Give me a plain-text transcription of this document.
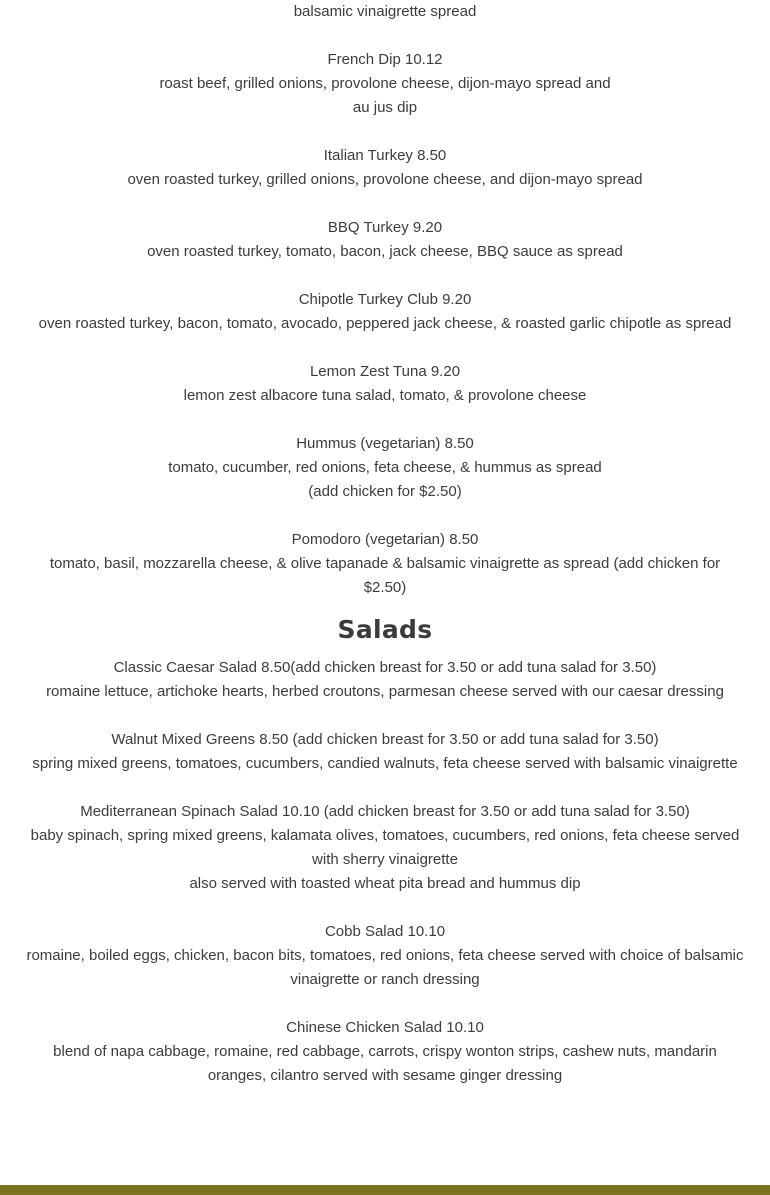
balsamic vinaigrette spread

French Dip 10.12

roast beef, grilled onions, provolone cheese, dijon-mayo spread and

au jus dip

Italian Turkey 8.50

oven roasted turkey, grilled onions, provolone cheese, and dijon-mayo spread

BBQ Turkey 9.20

oven roasted turkey, tomato, bacon, jack cheese, BBQ sauce as spread

Chipotle Turkey Club 9.20

oven roasted turkey, bacon, tomato, avocado, peppered jack cheese, & roasted garlic chipotle as spread

Lemon Zest Tuna 9.20

lemon zest albacore tuna salad, tomato, & provolone cheese

Hummus (vegetarian) 8.50

tomato, cucumber, red onions, feta cheese, & hummus as spread

(add chicken for $2.50)

Pomodoro (vegetarian) 8.50

tomato, basil, mozzarella cheese, & olive tapanade & balsamic vinaigrette as spread (add chicken for

$2.50)

Salads

Classic Caesar Salad 8.50(add chicken breast for 3.50 or add tuna salad for 3.50)

romaine lettuce, artichoke hearts, herbed croutons, parmesan cheese served with our caesar dressing

Walnut Mixed Greens 8.50 (add chicken breast for 3.50 or add tuna salad for 3.50)

spring mixed greens, tomatoes, cucumbers, candied walnuts, feta cheese served with balsamic vinaigrette

Mediterranean Spinach Salad 10.10 (add chicken breast for 3.50 or add tuna salad for 3.50)

baby spinach, spring mixed greens, kalamata olives, tomatoes, cucumbers, red onions, feta cheese served

with sherry vinaigrette

also served with toasted wheat pita bread and hummus dip

Cobb Salad 10.10

romaine, boiled eggs, chicken, bacon bits, tomatoes, red onions, feta cheese served with choice of balsamic

vinaigrette or ranch dressing

Chinese Chicken Salad 10.10

blend of napa cabbage, romaine, red cabbage, carrots, crispy wonton strips, cashew nuts, mandarin

oranges, cilantro served with sesame ginger dressing
